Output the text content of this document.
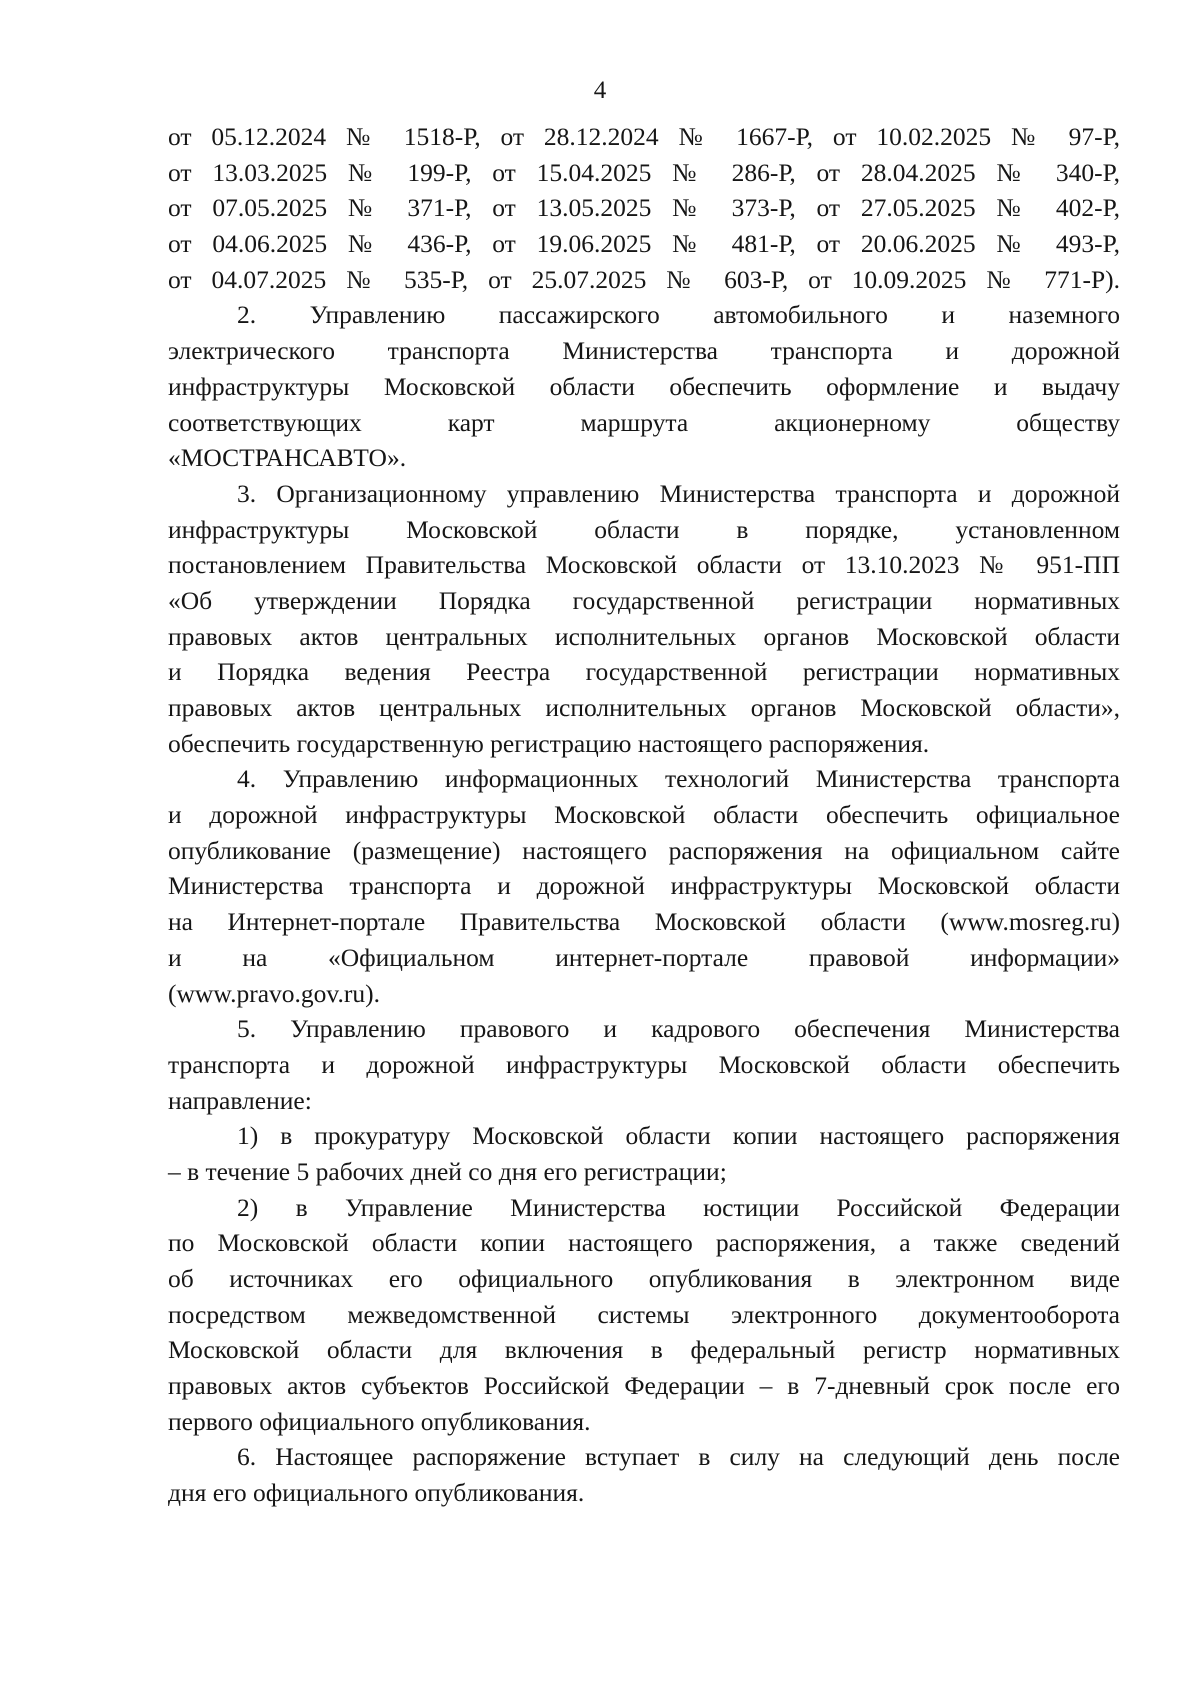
4
от 05.12.2024 № 1518-Р, от 28.12.2024 № 1667-Р, от 10.02.2025 № 97-Р,
от 13.03.2025 № 199-Р, от 15.04.2025 № 286-Р, от 28.04.2025 № 340-Р,
от 07.05.2025 № 371-Р, от 13.05.2025 № 373-Р, от 27.05.2025 № 402-Р,
от 04.06.2025 № 436-Р, от 19.06.2025 № 481-Р, от 20.06.2025 № 493-Р,
от 04.07.2025 № 535-Р, от 25.07.2025 № 603-Р, от 10.09.2025 № 771-Р).
2. Управлению пассажирского автомобильного и наземного
электрического транспорта Министерства транспорта и дорожной
инфраструктуры Московской области обеспечить оформление и выдачу
соответствующих карт маршрута акционерному обществу
«МОСТРАНСАВТО».
3. Организационному управлению Министерства транспорта и дорожной
инфраструктуры Московской области в порядке, установленном
постановлением Правительства Московской области от 13.10.2023 № 951-ПП
«Об утверждении Порядка государственной регистрации нормативных
правовых актов центральных исполнительных органов Московской области
и Порядка ведения Реестра государственной регистрации нормативных
правовых актов центральных исполнительных органов Московской области»,
обеспечить государственную регистрацию настоящего распоряжения.
4. Управлению информационных технологий Министерства транспорта
и дорожной инфраструктуры Московской области обеспечить официальное
опубликование (размещение) настоящего распоряжения на официальном сайте
Министерства транспорта и дорожной инфраструктуры Московской области
на Интернет-портале Правительства Московской области (www.mosreg.ru)
и на «Официальном интернет-портале правовой информации»
(www.pravo.gov.ru).
5. Управлению правового и кадрового обеспечения Министерства
транспорта и дорожной инфраструктуры Московской области обеспечить
направление:
1) в прокуратуру Московской области копии настоящего распоряжения
– в течение 5 рабочих дней со дня его регистрации;
2) в Управление Министерства юстиции Российской Федерации
по Московской области копии настоящего распоряжения, а также сведений
об источниках его официального опубликования в электронном виде
посредством межведомственной системы электронного документооборота
Московской области для включения в федеральный регистр нормативных
правовых актов субъектов Российской Федерации – в 7-дневный срок после его
первого официального опубликования.
6. Настоящее распоряжение вступает в силу на следующий день после
дня его официального опубликования.
